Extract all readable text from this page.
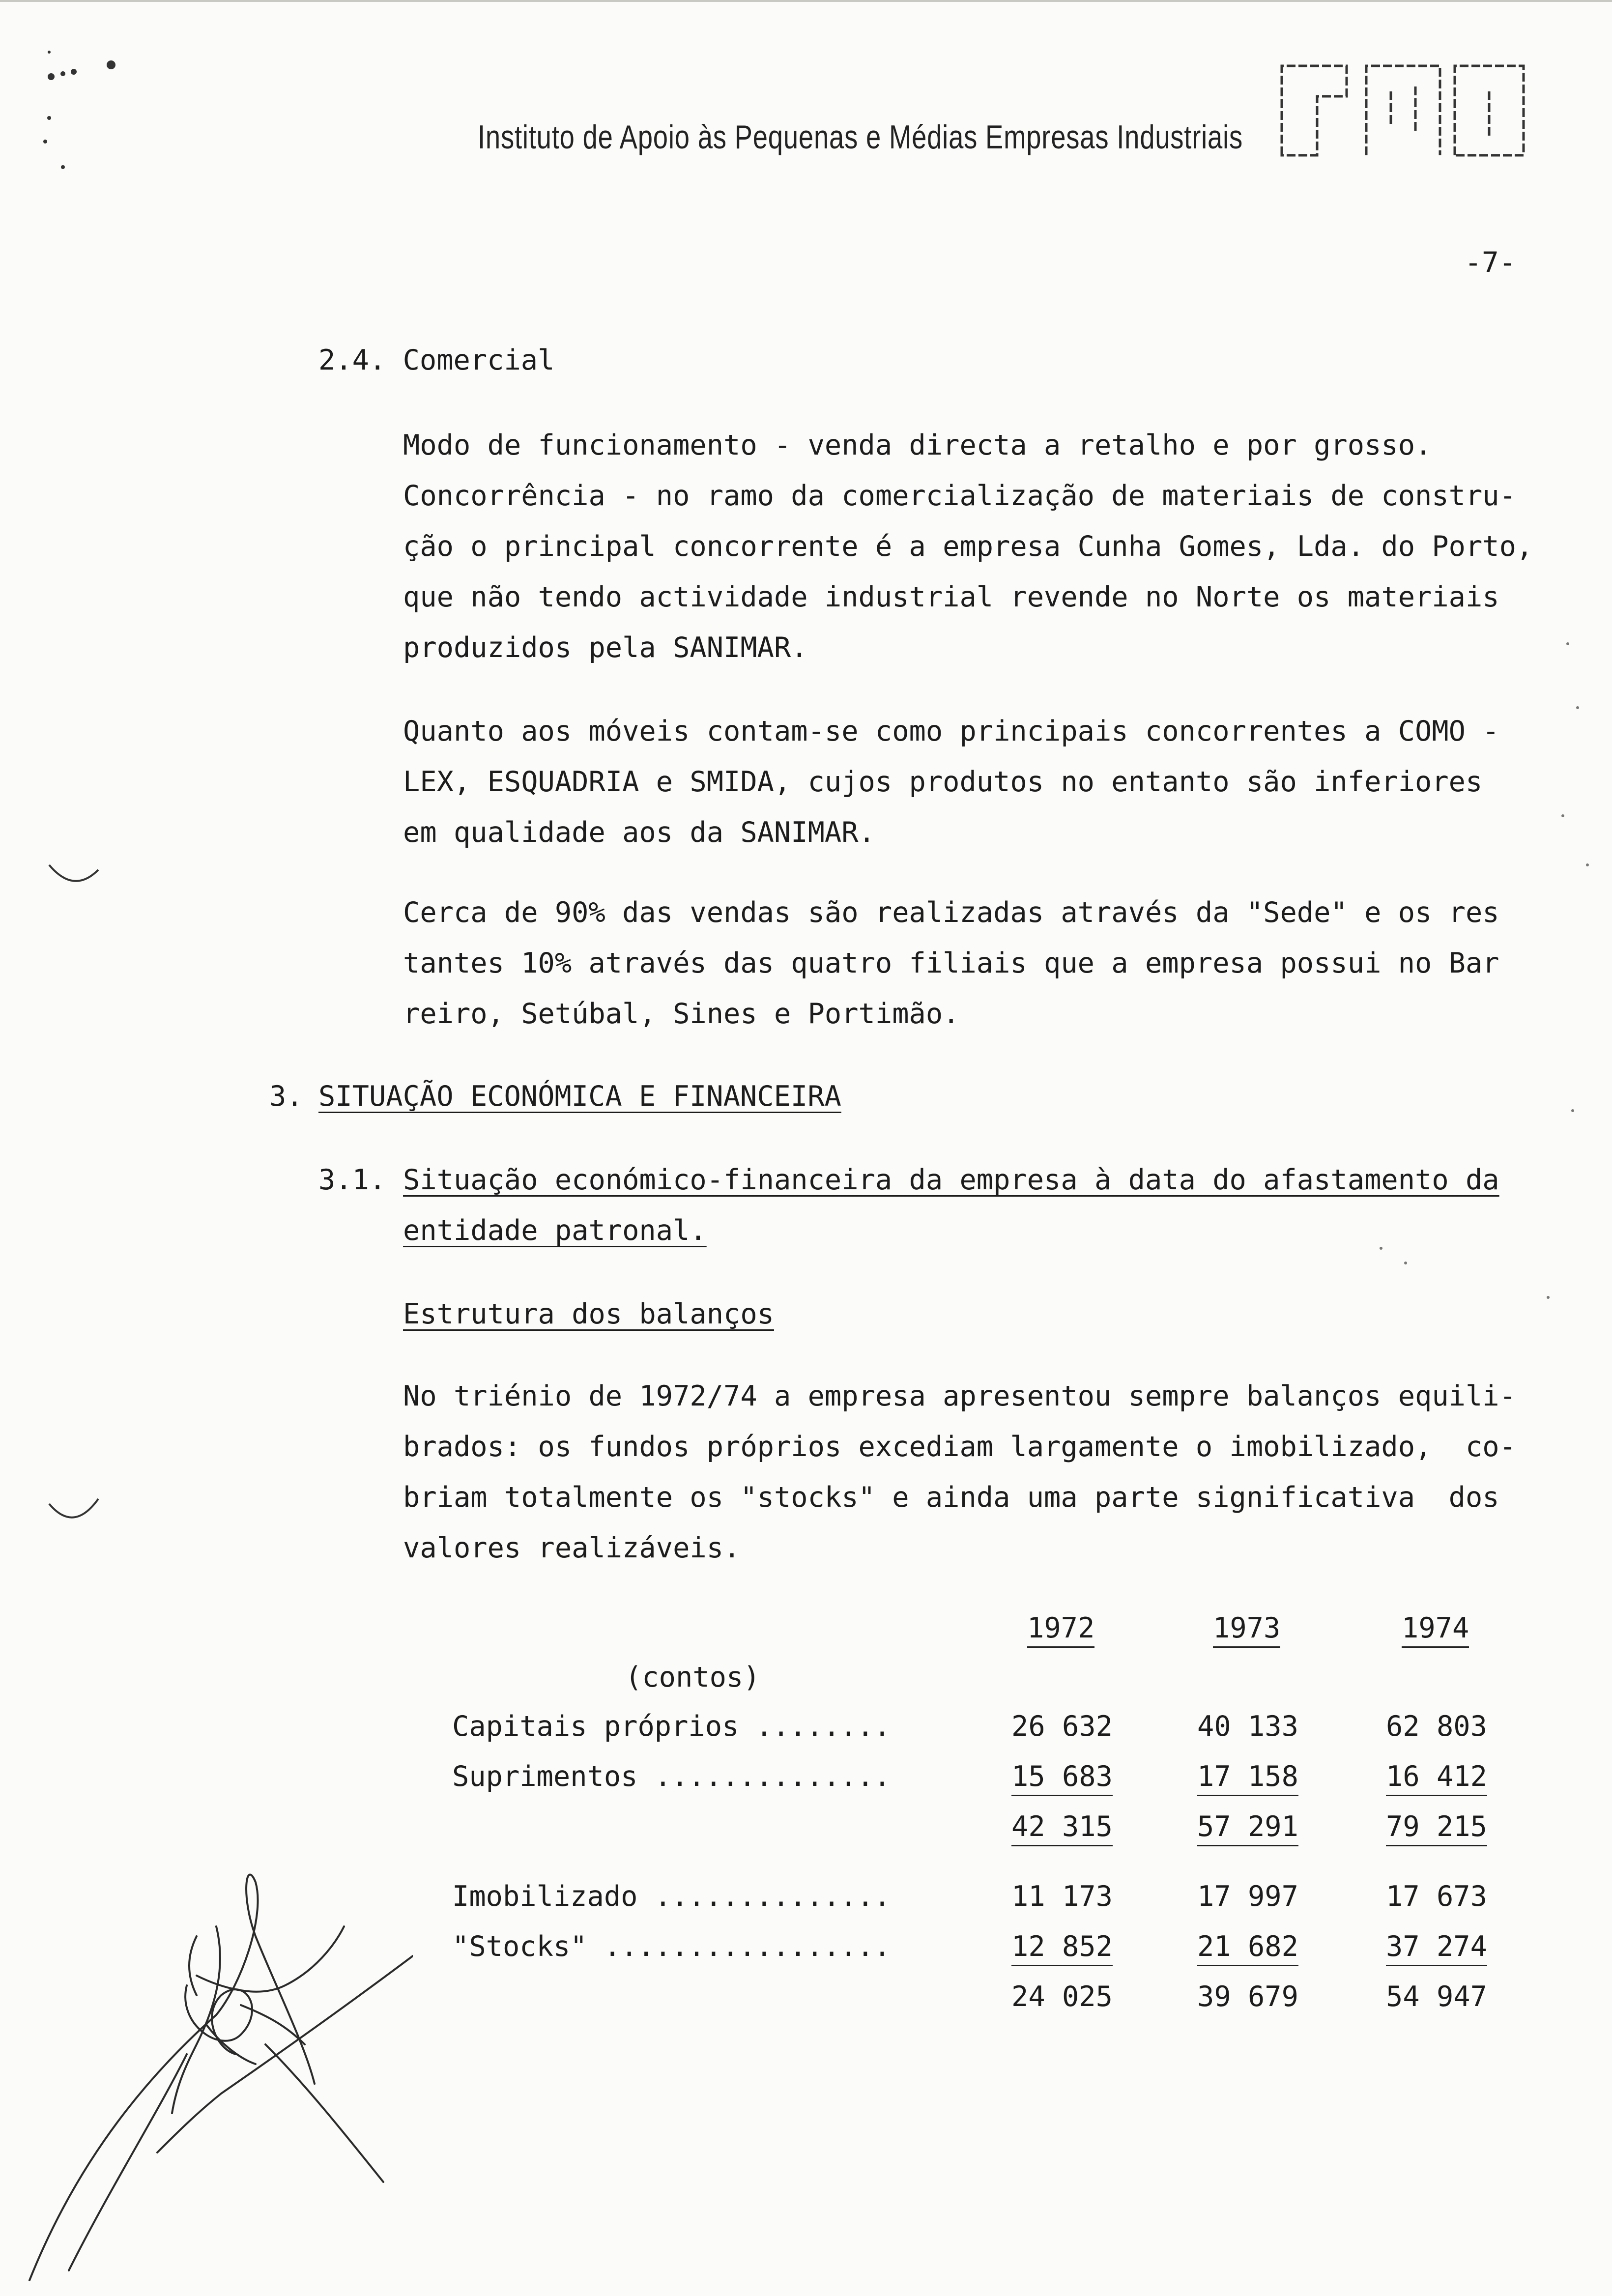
Instituto de Apoio às Pequenas e Médias Empresas Industriais
-7-
2.4. Comercial
Modo de funcionamento - venda directa a retalho e por grosso.
Concorrência - no ramo da comercialização de materiais de constru-
ção o principal concorrente é a empresa Cunha Gomes, Lda. do Porto,
que não tendo actividade industrial revende no Norte os materiais
produzidos pela SANIMAR.
Quanto aos móveis contam-se como principais concorrentes a COMO -
LEX, ESQUADRIA e SMIDA, cujos produtos no entanto são inferiores
em qualidade aos da SANIMAR.
Cerca de 90% das vendas são realizadas através da "Sede" e os res
tantes 10% através das quatro filiais que a empresa possui no Bar
reiro, Setúbal, Sines e Portimão.
3. SITUAÇÃO ECONÓMICA E FINANCEIRA
3.1. Situação económico-financeira da empresa à data do afastamento da
entidade patronal.
Estrutura dos balanços
No triénio de 1972/74 a empresa apresentou sempre balanços equili-
brados: os fundos próprios excediam largamente o imobilizado,  co-
briam totalmente os "stocks" e ainda uma parte significativa  dos
valores realizáveis.
1972	1973	1974
(contos)
Capitais próprios ........	26 632	40 133	62 803
Suprimentos ..............	15 683	17 158	16 412
42 315	57 291	79 215
Imobilizado ..............	11 173	17 997	17 673
"Stocks" .................	12 852	21 682	37 274
24 025	39 679	54 947
